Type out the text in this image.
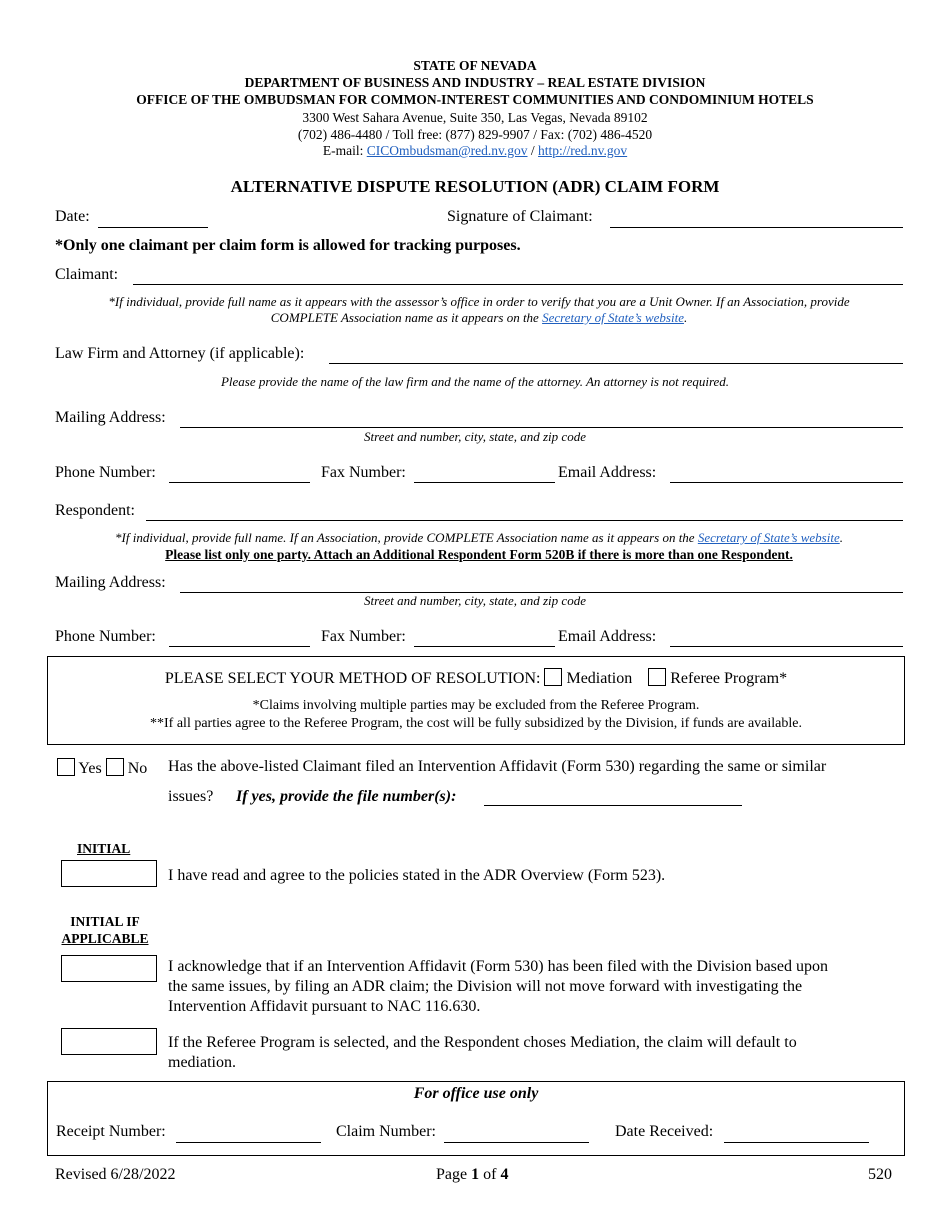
STATE OF NEVADA
DEPARTMENT OF BUSINESS AND INDUSTRY – REAL ESTATE DIVISION
OFFICE OF THE OMBUDSMAN FOR COMMON-INTEREST COMMUNITIES AND CONDOMINIUM HOTELS
3300 West Sahara Avenue, Suite 350, Las Vegas, Nevada 89102
(702) 486-4480 / Toll free: (877) 829-9907 / Fax: (702) 486-4520
E-mail: CICOmbudsman@red.nv.gov / http://red.nv.gov
ALTERNATIVE DISPUTE RESOLUTION (ADR) CLAIM FORM
Date:	Signature of Claimant:
*Only one claimant per claim form is allowed for tracking purposes.
Claimant:
*If individual, provide full name as it appears with the assessor’s office in order to verify that you are a Unit Owner. If an Association, provide
COMPLETE Association name as it appears on the Secretary of State’s website.
Law Firm and Attorney (if applicable):
Please provide the name of the law firm and the name of the attorney. An attorney is not required.
Mailing Address:
Street and number, city, state, and zip code
Phone Number:	Fax Number:	Email Address:
Respondent:
*If individual, provide full name. If an Association, provide COMPLETE Association name as it appears on the Secretary of State’s website.
Please list only one party. Attach an Additional Respondent Form 520B if there is more than one Respondent.
Mailing Address:
Street and number, city, state, and zip code
Phone Number:	Fax Number:	Email Address:
PLEASE SELECT YOUR METHOD OF RESOLUTION: Mediation Referee Program*
*Claims involving multiple parties may be excluded from the Referee Program.
**If all parties agree to the Referee Program, the cost will be fully subsidized by the Division, if funds are available.
Yes No Has the above-listed Claimant filed an Intervention Affidavit (Form 530) regarding the same or similar
issues? If yes, provide the file number(s):
INITIAL
I have read and agree to the policies stated in the ADR Overview (Form 523).
INITIAL IF
APPLICABLE
I acknowledge that if an Intervention Affidavit (Form 530) has been filed with the Division based upon
the same issues, by filing an ADR claim; the Division will not move forward with investigating the
Intervention Affidavit pursuant to NAC 116.630.
If the Referee Program is selected, and the Respondent choses Mediation, the claim will default to
mediation.
For office use only
Receipt Number:	Claim Number:	Date Received:
Revised 6/28/2022	Page 1 of 4	520
